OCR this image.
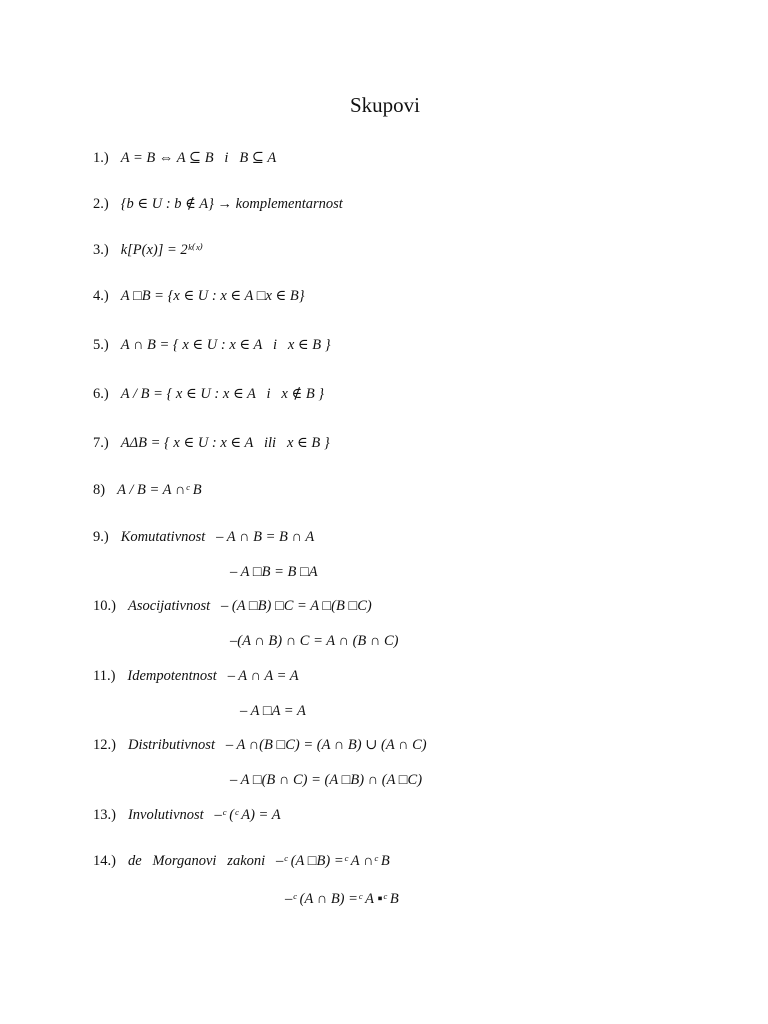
Skupovi
1.) A = B ⇔ A ⊆ B   i   B ⊆ A
2.) {b ∈ U : b ∉ A} → komplementarnost
3.) k[P(x)] = 2ᵏ⁽ˣ⁾
4.) A □B = {x ∈ U : x ∈ A □x ∈ B}
5.) A ∩ B = { x ∈ U : x ∈ A   i   x ∈ B }
6.) A / B = { x ∈ U : x ∈ A   i   x ∉ B }
7.) AΔB = { x ∈ U : x ∈ A   ili   x ∈ B }
8) A / B = A ∩ᶜ B
9.) Komutativnost   – A ∩ B = B ∩ A
– A □B = B □A
10.) Asocijativnost   – (A □B) □C = A □(B □C)
–(A ∩ B) ∩ C = A ∩ (B ∩ C)
11.) Idempotentnost   – A ∩ A = A
– A □A = A
12.) Distributivnost   – A ∩(B □C) = (A ∩ B) ∪ (A ∩ C)
– A □(B ∩ C) = (A □B) ∩ (A □C)
13.) Involutivnost   –ᶜ (ᶜ A) = A
14.) de   Morganovi   zakoni   –ᶜ (A □B) =ᶜ A ∩ᶜ B
–ᶜ (A ∩ B) =ᶜ A ▪ᶜ B
